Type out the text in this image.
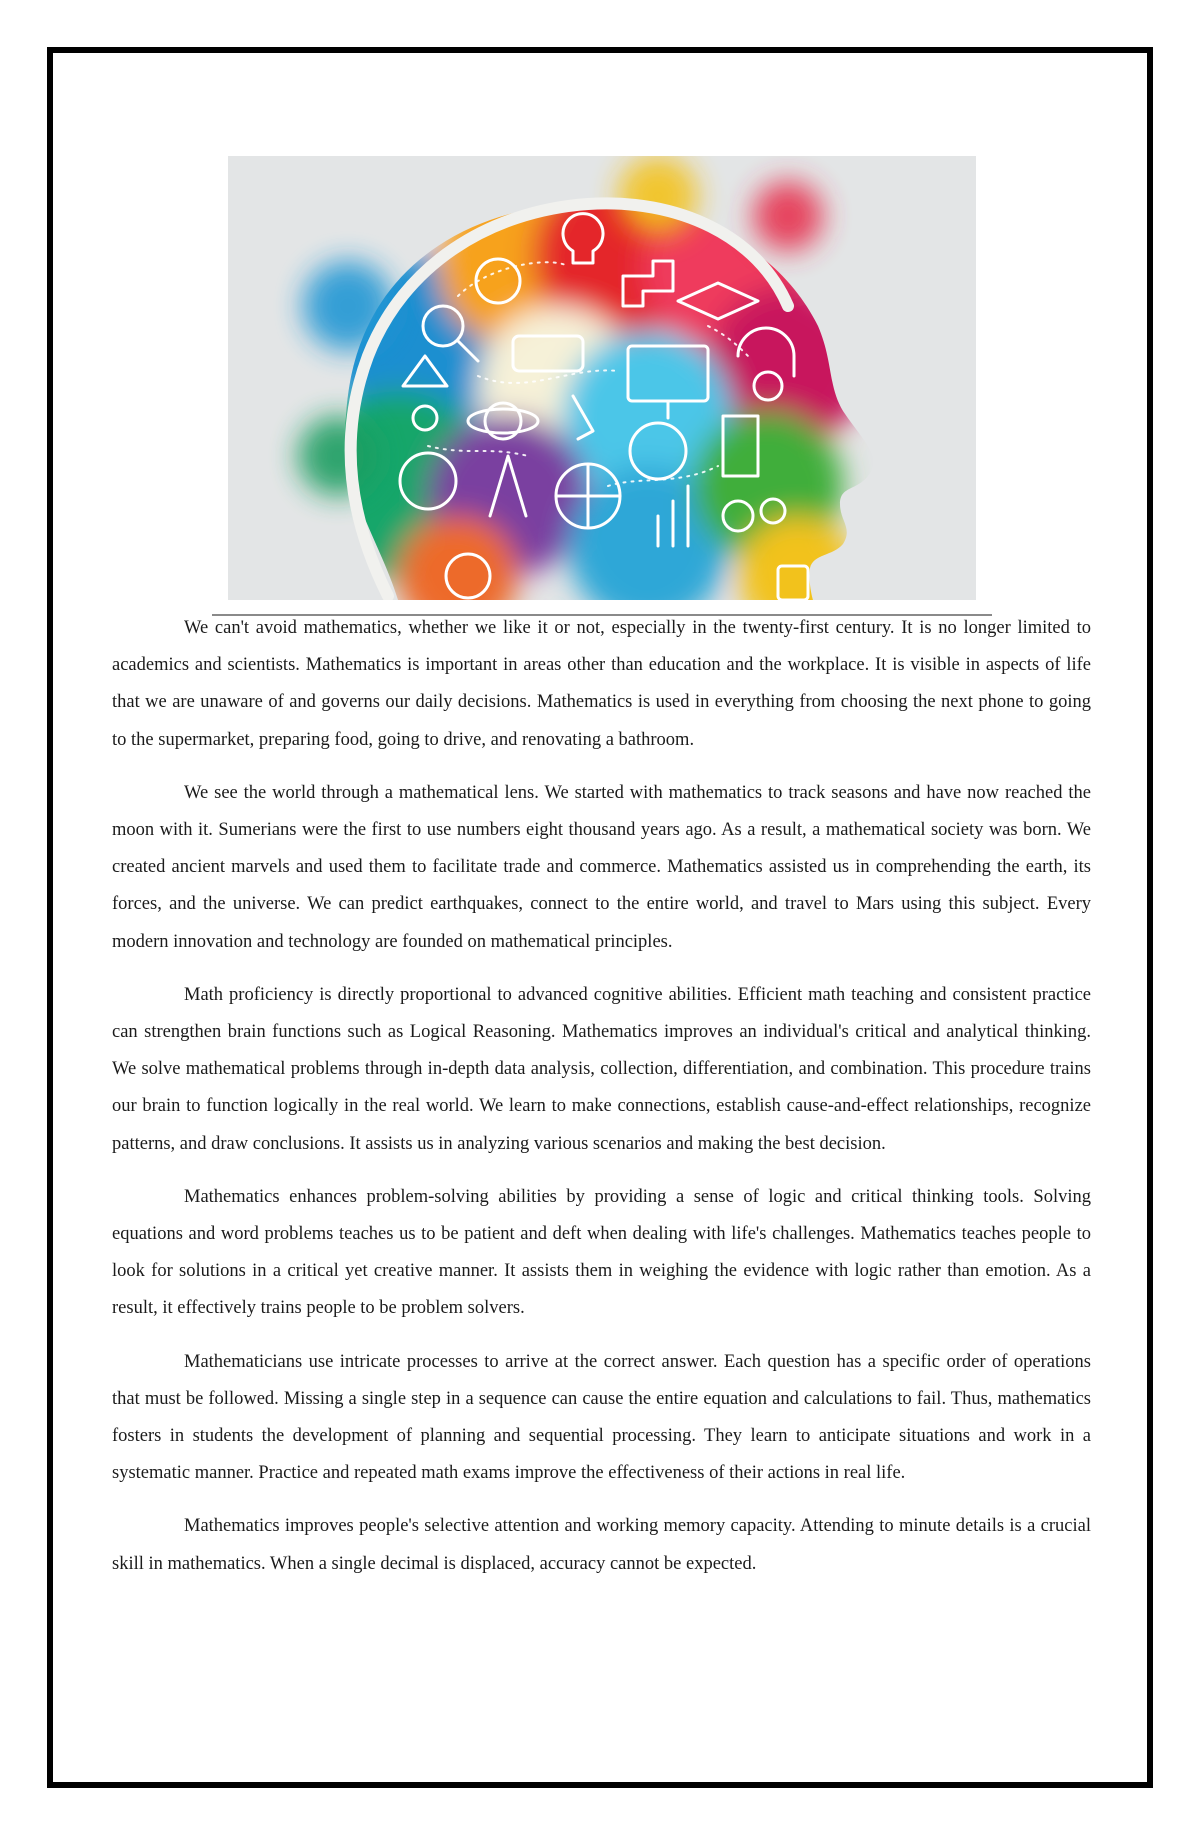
We can't avoid mathematics, whether we like it or not, especially in the twenty-first century. It is no longer limited to academics and scientists. Mathematics is important in areas other than education and the workplace. It is visible in aspects of life that we are unaware of and governs our daily decisions. Mathematics is used in everything from choosing the next phone to going to the supermarket, preparing food, going to drive, and renovating a bathroom.

We see the world through a mathematical lens. We started with mathematics to track seasons and have now reached the moon with it. Sumerians were the first to use numbers eight thousand years ago. As a result, a mathematical society was born. We created ancient marvels and used them to facilitate trade and commerce. Mathematics assisted us in comprehending the earth, its forces, and the universe. We can predict earthquakes, connect to the entire world, and travel to Mars using this subject. Every modern innovation and technology are founded on mathematical principles.

Math proficiency is directly proportional to advanced cognitive abilities. Efficient math teaching and consistent practice can strengthen brain functions such as Logical Reasoning. Mathematics improves an individual's critical and analytical thinking. We solve mathematical problems through in-depth data analysis, collection, differentiation, and combination. This procedure trains our brain to function logically in the real world. We learn to make connections, establish cause-and-effect relationships, recognize patterns, and draw conclusions. It assists us in analyzing various scenarios and making the best decision.

Mathematics enhances problem-solving abilities by providing a sense of logic and critical thinking tools. Solving equations and word problems teaches us to be patient and deft when dealing with life's challenges. Mathematics teaches people to look for solutions in a critical yet creative manner. It assists them in weighing the evidence with logic rather than emotion. As a result, it effectively trains people to be problem solvers.

Mathematicians use intricate processes to arrive at the correct answer. Each question has a specific order of operations that must be followed. Missing a single step in a sequence can cause the entire equation and calculations to fail. Thus, mathematics fosters in students the development of planning and sequential processing. They learn to anticipate situations and work in a systematic manner. Practice and repeated math exams improve the effectiveness of their actions in real life.

Mathematics improves people's selective attention and working memory capacity. Attending to minute details is a crucial skill in mathematics. When a single decimal is displaced, accuracy cannot be expected.
